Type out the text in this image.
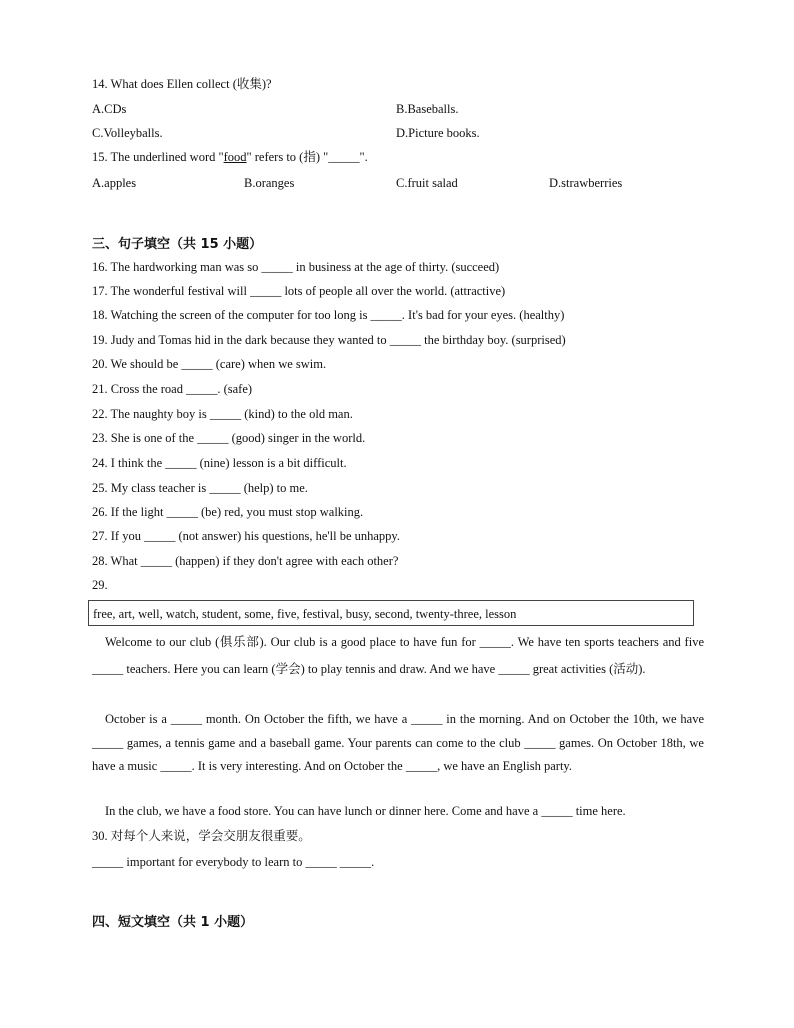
14. What does Ellen collect (收集)?
A.CDs	B.Baseballs.
C.Volleyballs.	D.Picture books.
15. The underlined word "food" refers to (指) "_____".
A.apples	B.oranges	C.fruit salad	D.strawberries
三、句子填空（共 15 小题）
16. The hardworking man was so _____ in business at the age of thirty. (succeed)
17. The wonderful festival will _____ lots of people all over the world. (attractive)
18. Watching the screen of the computer for too long is _____. It's bad for your eyes. (healthy)
19. Judy and Tomas hid in the dark because they wanted to _____ the birthday boy. (surprised)
20. We should be _____ (care) when we swim.
21. Cross the road _____. (safe)
22. The naughty boy is _____ (kind) to the old man.
23. She is one of the _____ (good) singer in the world.
24. I think the _____ (nine) lesson is a bit difficult.
25. My class teacher is _____ (help) to me.
26. If the light _____ (be) red, you must stop walking.
27. If you _____ (not answer) his questions, he'll be unhappy.
28. What _____ (happen) if they don't agree with each other?
29.
free, art, well, watch, student, some, five, festival, busy, second, twenty-three, lesson
Welcome to our club (俱乐部). Our club is a good place to have fun for _____. We have ten sports teachers and five _____ teachers. Here you can learn (学会) to play tennis and draw. And we have _____ great activities (活动).
October is a _____ month. On October the fifth, we have a _____ in the morning. And on October the 10th, we have _____ games, a tennis game and a baseball game. Your parents can come to the club _____ games. On October 18th, we have a music _____. It is very interesting. And on October the _____, we have an English party.
In the club, we have a food store. You can have lunch or dinner here. Come and have a _____ time here.
30. 对每个人来说，学会交朋友很重要。
_____ important for everybody to learn to _____ _____.
四、短文填空（共 1 小题）
